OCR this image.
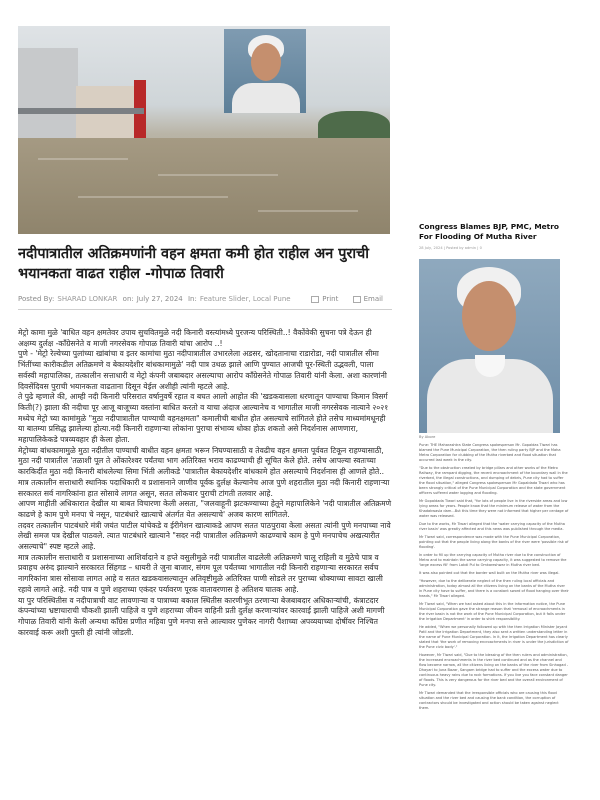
नदीपात्रातील अतिक्रमणांनी वहन क्षमता कमी होत राहील अन पुराची भयानकता वाढत राहील -गोपाळ तिवारी
Posted By: SHARAD LONKAR on: July 27, 2024 In: Feature Slider, Local Pune	Print	Email

मेट्रो कामा मुळे 'बाधित वहन क्षमतेवर उपाय सुचवितमुळे नदी किनारी वस्त्यांमध्ये पुरजन्य परिस्थिती..! वैकोंवेकी सुचना पत्रे देऊन ही अक्षम्य दुर्लक्ष -कॉंग्रेसनेते व माजी नगरसेवक गोपाळ तिवारी यांचा आरोप ..!

पुणे - 'मेट्रो रेल्वेच्या पुलांच्या खांबांचा व इतर कामांचा मुठा नदीपात्रातील उभारलेला अडसर, खोदतानाचा राडारोडा, नदी पात्रातील सीमा भिंतींच्या कारीकडील अतिक्रमणे व बेकायदेशीर बांधकामामुळे' नदी पात्र उथळ झाले आणि पुण्यात आजची पूर-स्थिती उद्भवली, पाला सर्वस्वी महापालिका, तत्कालीन सत्ताधारी व मेट्रो कंपनी जबाबदार असल्याचा आरोप कॉंग्रेसनेते गोपाळ तिवारी यांनी केला. अशा कारणांनी दिवसेंदिवस पुराची भयानकता वाढताना दिसून येईल अशीही त्यांनी म्हटले आहे.

ते पुढे म्हणाले की, आम्ही नदी किनारी परिसरात वर्षानुवर्षे रहात व बघत आलो आहोत की 'खडकवासला धरणातून पाण्याचा किमान विसर्ग किती(?) झाला की नदीचा पूर आजू बाजूच्या वस्तांना बाधित करतो व याचा अंदाज आल्यानेच व भागातील माजी नगरसेवक नात्याने २०२१ मध्येच मेट्रो च्या कामांमुळे "मुठा नदीपात्रातील पाण्याची वहनक्षमता" कमालीची बाधीत होत असल्याचे सांगितले होते तसेच माध्यमांमधूनही या बातम्या प्रसिद्ध झालेल्या होत्या.नदी किनारी राहणाऱ्या लोकांना पुराचा संभाव्य धोका होऊ शकतो असे निदर्शनास आणणारा, महापालिकेकडे पत्रव्यवहार ही केला होता.

मेट्रोच्या बांधकामामुळे मुठा नदीतील पाण्याची बाधीत वहन क्षमता भरून निघण्यासाठी व तेवढीच वहन क्षमता पूर्ववत टिकून राहण्यासाठी, मुठा नदी पात्रातील 'तळाशी पूल ते ओंकारेश्वर पर्यंतचा भाग अतिरिक्त भराव काढण्याची ही सूचित केले होते. तसेच आपल्या स्वतःच्या कारकिर्दीत मुठा नदी किनारी बांधलेल्या सिमा भिंती अलीकडे 'पात्रातील बेकायदेशीर बांधकामे होत असल्याचे निदर्शनास ही आणले होते.. मात्र तत्कालीन सत्ताधारी स्थानिक पदाधिकारी व प्रशासनाने जाणीव पूर्वक दुर्लक्ष केल्यानेच आज पुणे शहरातील मुठा नदी किनारी राहणाऱ्या सरकारत सर्व नागरिकांना हात सोसावे लागत असून, सतत लोकवार पुराची टांगती तलवार आहे.

आपण माहीती अधिकारात देखील या बाबत विचारणा केली असता, "जलवाहूनी झटकण्याच्या हेतूने महापालिकेने 'नदी पात्रातील अतिक्रमणे काढणे हे काम पुणे मनपा चे नसून, पाटबंधारे खात्याचे अंतर्गत येत असल्याचे' अजब कारण सांगितले.

तदवर तत्कालीन पाटबंधारे मंत्री जयंत पाटील यांचेकडे व ईरीगेशन खात्याकडे आपण सतत पाठपुरावा केला असता त्यांनी पुणे मनपाच्या नावे लेखी समज पत्र देखील पाठवले. त्यात पाटबंधारे खात्याने "सदर नदी पात्रातील अतिक्रमणे काढण्याचे काम हे पुणे मनपाचेच अखत्यारीत असल्याचे" स्पष्ट म्हटले आहे.

मात्र तत्कालीन सत्ताधारी व प्रशासनाच्या आशिर्वादाने व हप्ते वसुलीमुळे नदी पात्रातील वाढलेली अतिक्रमणे चालू राहिली व मुठेचे पात्र व प्रवाहच अरुंद झाल्याने सरकारत सिंहगड – धायरी ते जुना बाजार, संगम पूल पर्यंतच्या भागातील नदी किनारी राहणाऱ्या सरकारत सर्वच नागरिकांना त्रास सोसावा लागत आहे व सतत खडकवासल्यातून अतिवृष्टीमुळे अतिरिक्त पाणी सोडले तर पुराच्या धोक्याच्या सावटा खाली रहावे लागते आहे. नदी पात्र व पुणे शहराच्या एकंदर पर्यावरण पूरक वातावरणास हे अतिशय घातक आहे.

या पुर परिस्थितीस व नदीपात्राची वाट लावणाऱ्या व पात्राच्या बकाल स्थितीस कारणीभूत ठरणाऱ्या बेजबाबदार अधिकाऱ्यांची, कंत्राटदार कंपन्यांच्या भ्रष्टाचाराची चौकशी झाली पाहिजे व पुणे शहराच्या जीवन वाहिनी प्रती दुर्लक्ष करणाऱ्यांवर कारवाई झाली पाहिजे अशी मागणी गोपाळ तिवारी यांनी केली अन्यथा कॉंग्रेस प्रणीत महिवा पुणे मनपा सत्ते आल्यावर पुणेकर नागरी पैशाच्या अपव्ययाच्या दोषींवर निश्चित कारवाई करू अशी पुस्ती ही त्यांनी जोडली.

Congress Blames BJP, PMC, Metro For Flooding Of Mutha River
28 July, 2024 | Posted by admin | 0
By Abore

Pune: THE Maharashtra State Congress spokesperson Mr. Gopaldas Tiwari has blamed the Pune Municipal Corporation, the then ruling party BJP and the Maha Metro Corporation for clubbing of the Mutha riverbed and flood situation that occurred last week in the city.

"Due to the obstruction created by bridge pillars and other works of the Metro Railway, the rampant digging, the recent encroachment of the boundary wall in the riverbed, the illegal constructions, and dumping of debris, Pune city had to suffer the flood situation," alleged Congress spokesperson Mr Gopaldada Tiwari who has been strongly critical of the Pune Municipal Corporation and the state government officers suffered water logging and flooding.

Mr Gopaldada Tiwari said that, "for lots of people live in the riverside areas and low lying areas for years. People know that the minimum release of water from the Khadakwasla dam...But this time they were not informed that higher per centage of water was released.

Due to the works, Mr Tiwari alleged that the 'water carrying capacity of the Mutha river basin' was greatly affected and this news was published through the media.

Mr Tiwari said, correspondence was made with the Pune Municipal Corporation, pointing out that the people living along the banks of the river were 'possible risk of flooding'.

In order to fill up the carrying capacity of Mutha river due to the construction of Metro and to maintain the same carrying capacity, it was suggested to remove the 'large excess fill' from Lakdi Pul to Omkareshwar in Mutha river bed.

It was also pointed out that the border wall built on the Mutha river was illegal.

"However, due to the deliberate neglect of the then ruling local officials and administration, today almost all the citizens living on the banks of the Mutha river in Pune city have to suffer, and there is a constant sword of flood hanging over their heads," Mr Tiwari alleged.

Mr Tiwari said, "When we had asked about this in the information notice, the Pune Municipal Corporation gave the strange reason that 'removal of encroachments in the river basin is not the work of the Pune Municipal Corporation, but it falls under the Irrigation Department' in order to shirk responsibility.

He added, "When we personally followed up with the then Irrigation Minister Jayant Patil and the Irrigation Department, they also sent a written understanding letter in the name of Pune Municipal Corporation. In it, the Irrigation Department has clearly stated that 'the work of removing encroachments in river is under the jurisdiction of the Pune civic body'."

However, Mr Tiwari said, "Due to the blessing of the then rulers and administration, the increased encroachments in the river bed continued and as the channel and flow became narrow, all the citizens living on the banks of the river from Sinhagad - Dhayari to Juna Bazar, Sangam bridge had to suffer and the excess water due to continuous heavy rains due to rock formations. If you live you face constant danger of floods. This is very dangerous for the river bed and the overall environment of Pune city.

Mr Tiwari demanded that the irresponsible officials who are causing this flood situation and the river bed and causing the bank condition, the corruption of contractors should be investigated and action should be taken against neglect them.
